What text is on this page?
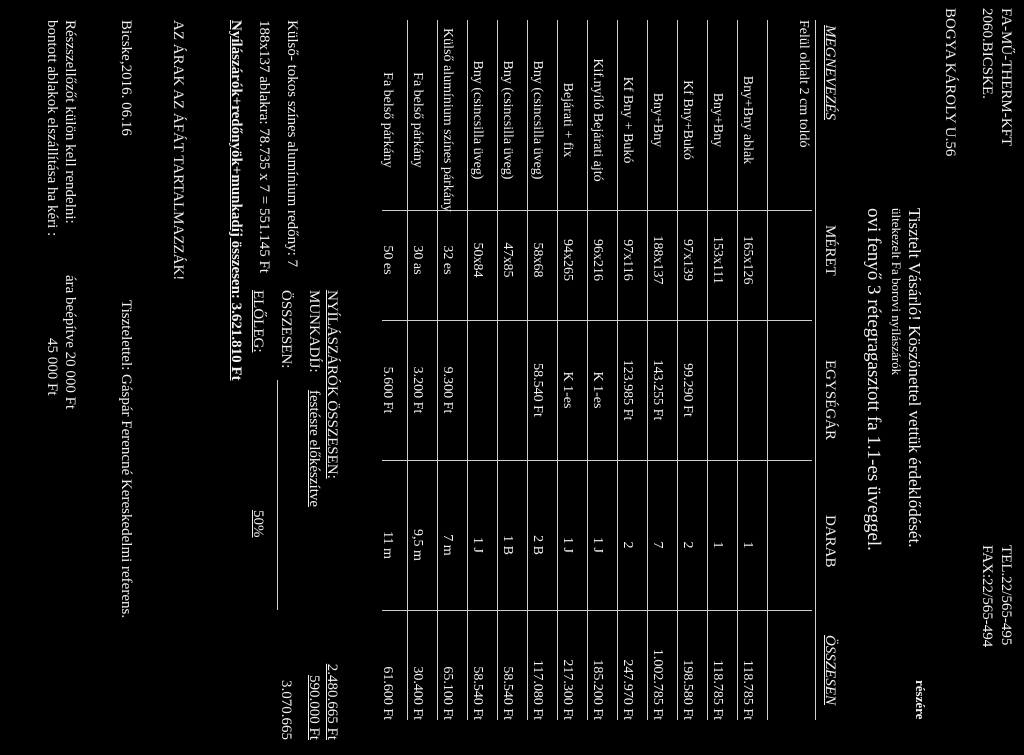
FA-MŰ-THERM-KFT
2060.BICSKE.
BOGYA KÁROLY U.56
TEL.22/565-495
FAX:22/565-494
részére
Tisztelt Vásárló! Köszönettel vettük érdeklődését.
ültekezelt Fa borovi nyílászárók
ovi fenyő 3 rétegragasztott fa 1.1-es üveggel.
MEGNEVEZÉS
MÉRET
EGYSÉGÁR
DARAB
ÖSSZESEN
Felül oldalt 2 cm toldó
Bny+Bny ablak
165x126
1
118.785 Ft
Bny+Bny
153x111
1
118.785 Ft
Kf Bny+Bukó
97x139
99.290 Ft
2
198.580 Ft
Bny+Bny
188x137
143.255 Ft
7
1.002.785 Ft
Kf Bny + Bukó
97x116
123.985 Ft
2
247.970 Ft
Kif.nyíló Bejárati ajtó
96x216
K 1-es
1 J
185.200 Ft
Bejárati + fix
94x265
K 1-es
1 J
217.300 Ft
Bny (csincsilla üveg)
58x68
58.540 Ft
2 B
117.080 Ft
Bny (csincsilla üveg)
47x85
1 B
58.540 Ft
Bny (csincsilla üveg)
50x84
1 J
58.540 Ft
Külső alumínium színes párkány
32 es
9.300 Ft
7 m
65.100 Ft
Fa belső párkány
30 as
3.200 Ft
9,5 m
30.400 Ft
Fa belső párkány
50 es
5.600 Ft
11 m
61.600 Ft
NYÍLÁSZÁRÓK ÖSSZESEN:
2.480.665 Ft
MUNKADÍJ:
festésre előkészítve
590.000 Ft
ÖSSZESEN:
3.070.665
ELŐLEG:
50%
Külső- tokos színes alumínium redőny: 7
188x137 ablakra: 78.735 x 7 = 551.145 Ft
Nyílászárók+redőnyök+munkadíj összesen: 3.621.810 Ft
AZ ÁRAK AZ ÁFÁT TARTALMAZZÁK!
Bicske,2016. 06.16
Tisztelettel: Gáspár Ferencné Kereskedelmi referens.
Részszellőzőt külön kell rendelni:
ára beépítve 20 000 Ft
bontott ablakok elszállítása ha kéri :
45 000 Ft
